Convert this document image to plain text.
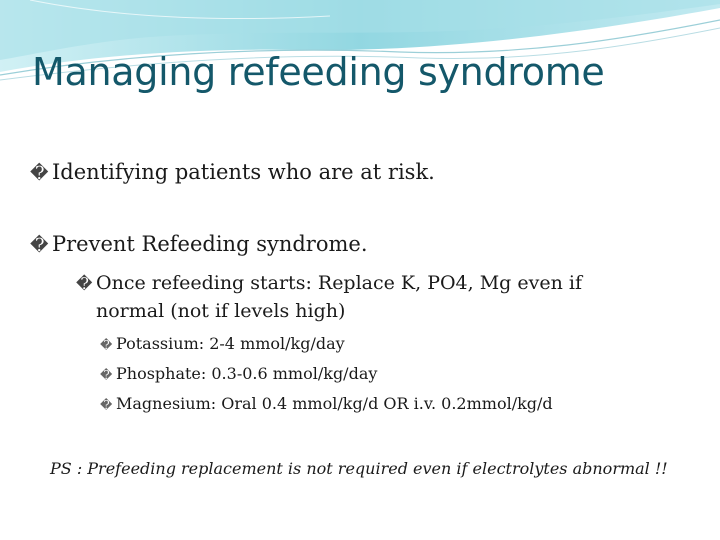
Managing refeeding syndrome
� Identifying patients who are at risk.
� Prevent Refeeding syndrome.
� Once refeeding starts: Replace K, PO4, Mg even if
normal (not if levels high)
� Potassium: 2-4 mmol/kg/day
� Phosphate: 0.3-0.6 mmol/kg/day
� Magnesium: Oral 0.4 mmol/kg/d OR i.v. 0.2mmol/kg/d
PS : Prefeeding replacement is not required even if electrolytes abnormal !!
